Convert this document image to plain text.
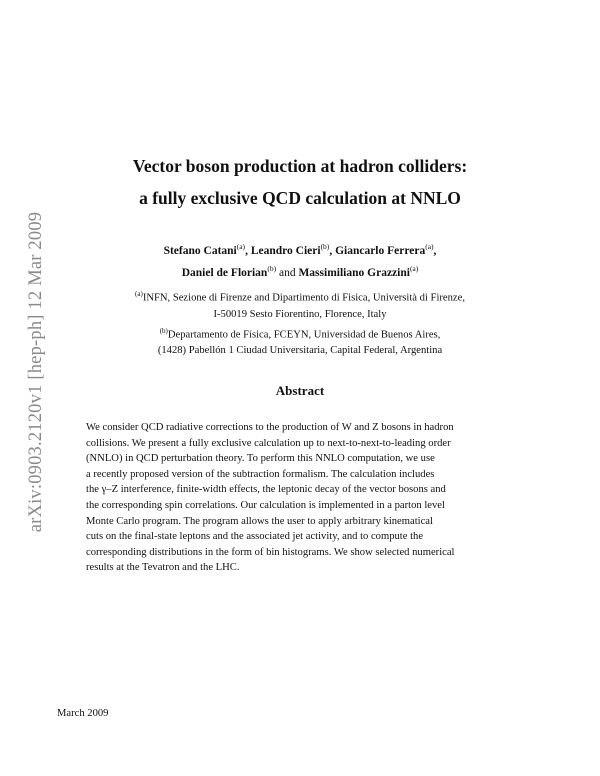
arXiv:0903.2120v1 [hep-ph] 12 Mar 2009
Vector boson production at hadron colliders:
a fully exclusive QCD calculation at NNLO
Stefano Catani$^{(a)}$, Leandro Cieri$^{(b)}$, Giancarlo Ferrera$^{(a)}$,
Daniel de Florian$^{(b)}$ and Massimiliano Grazzini$^{(a)}$
$^{(a)}$INFN, Sezione di Firenze and Dipartimento di Fisica, Università di Firenze,
I-50019 Sesto Fiorentino, Florence, Italy
$^{(b)}$Departamento de Física, FCEYN, Universidad de Buenos Aires,
(1428) Pabellón 1 Ciudad Universitaria, Capital Federal, Argentina
Abstract
We consider QCD radiative corrections to the production of W and Z bosons in hadron
collisions. We present a fully exclusive calculation up to next-to-next-to-leading order
(NNLO) in QCD perturbation theory. To perform this NNLO computation, we use
a recently proposed version of the subtraction formalism. The calculation includes
the γ–Z interference, finite-width effects, the leptonic decay of the vector bosons and
the corresponding spin correlations. Our calculation is implemented in a parton level
Monte Carlo program. The program allows the user to apply arbitrary kinematical
cuts on the final-state leptons and the associated jet activity, and to compute the
corresponding distributions in the form of bin histograms. We show selected numerical
results at the Tevatron and the LHC.
March 2009
